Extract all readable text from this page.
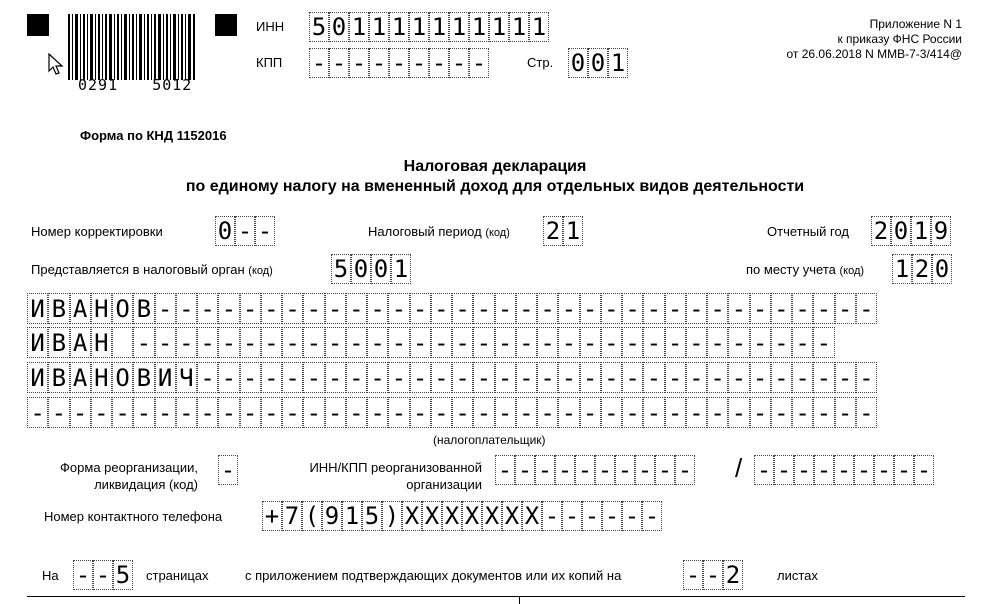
0291 5012
ИНН 5 0 1 1 1 1 1 1 1 1 1 1
КПП - - - - - - - - -	Стр. 0 0 1
Приложение N 1
к приказу ФНС России
от 26.06.2018 N ММВ-7-3/414@
Форма по КНД 1152016
Налоговая декларация
по единому налогу на вмененный доход для отдельных видов деятельности
Номер корректировки 0 - -	Налоговый период (код) 2 1	Отчетный год 2 0 1 9
Представляется в налоговый орган (код)	5 0 0 1	по месту учета (код) 1 2 0
И В А Н О В - - - - - - - - - - - - - - - - - - - - - - - - - - - - - - - - - -
И В А Н - - - - - - - - - - - - - - - - - - - - - - - - - - - - - - - - -
И В А Н О В И Ч - - - - - - - - - - - - - - - - - - - - - - - - - - - - - - - -
- - - - - - - - - - - - - - - - - - - - - - - - - - - - - - - - - - - - - - - -
(налогоплательщик)
Форма реорганизации,
ликвидация (код)
-	ИНН/КПП реорганизованной
организации
- - - - - - - - - - / - - - - - - - - -
Номер контактного телефона + 7 ( 9 1 5 ) X X X X X X X - - - - - -
На - - 5 страницах	с приложением подтверждающих документов или их копий на	- - 2	листах
